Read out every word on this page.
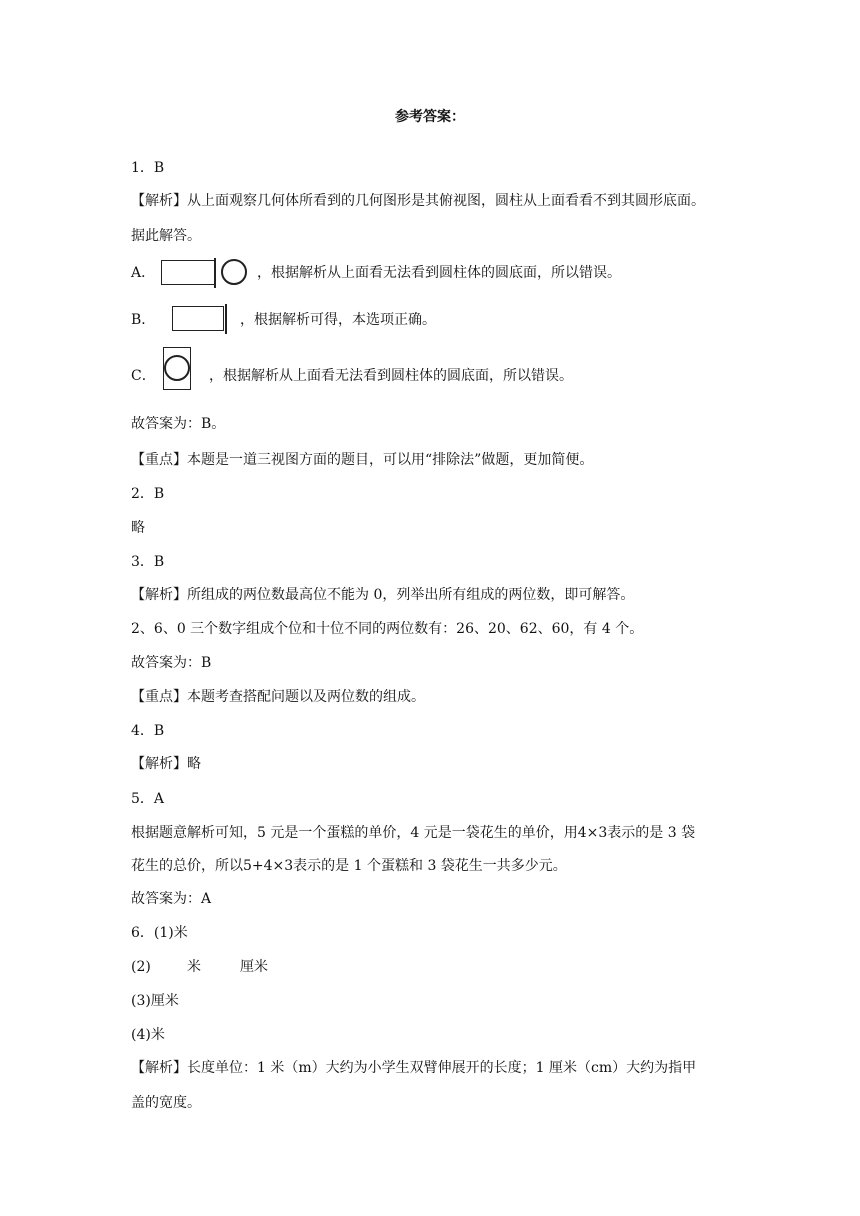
参考答案：
1．B
【解析】从上面观察几何体所看到的几何图形是其俯视图，圆柱从上面看看不到其圆形底面。
据此解答。
A．	，根据解析从上面看无法看到圆柱体的圆底面，所以错误。
B．	，根据解析可得，本选项正确。
C．	，根据解析从上面看无法看到圆柱体的圆底面，所以错误。
故答案为：B。
【重点】本题是一道三视图方面的题目，可以用“排除法”做题，更加简便。
2．B
略
3．B
【解析】所组成的两位数最高位不能为 0，列举出所有组成的两位数，即可解答。
2、6、0 三个数字组成个位和十位不同的两位数有：26、20、62、60，有 4 个。
故答案为：B
【重点】本题考查搭配问题以及两位数的组成。
4．B
【解析】略
5．A
根据题意解析可知，5 元是一个蛋糕的单价，4 元是一袋花生的单价，用4×3表示的是 3 袋
花生的总价，所以5+4×3表示的是 1 个蛋糕和 3 袋花生一共多少元。
故答案为：A
6．(1)米
(2)	米	厘米
(3)厘米
(4)米
【解析】长度单位：1 米（m）大约为小学生双臂伸展开的长度；1 厘米（cm）大约为指甲
盖的宽度。
